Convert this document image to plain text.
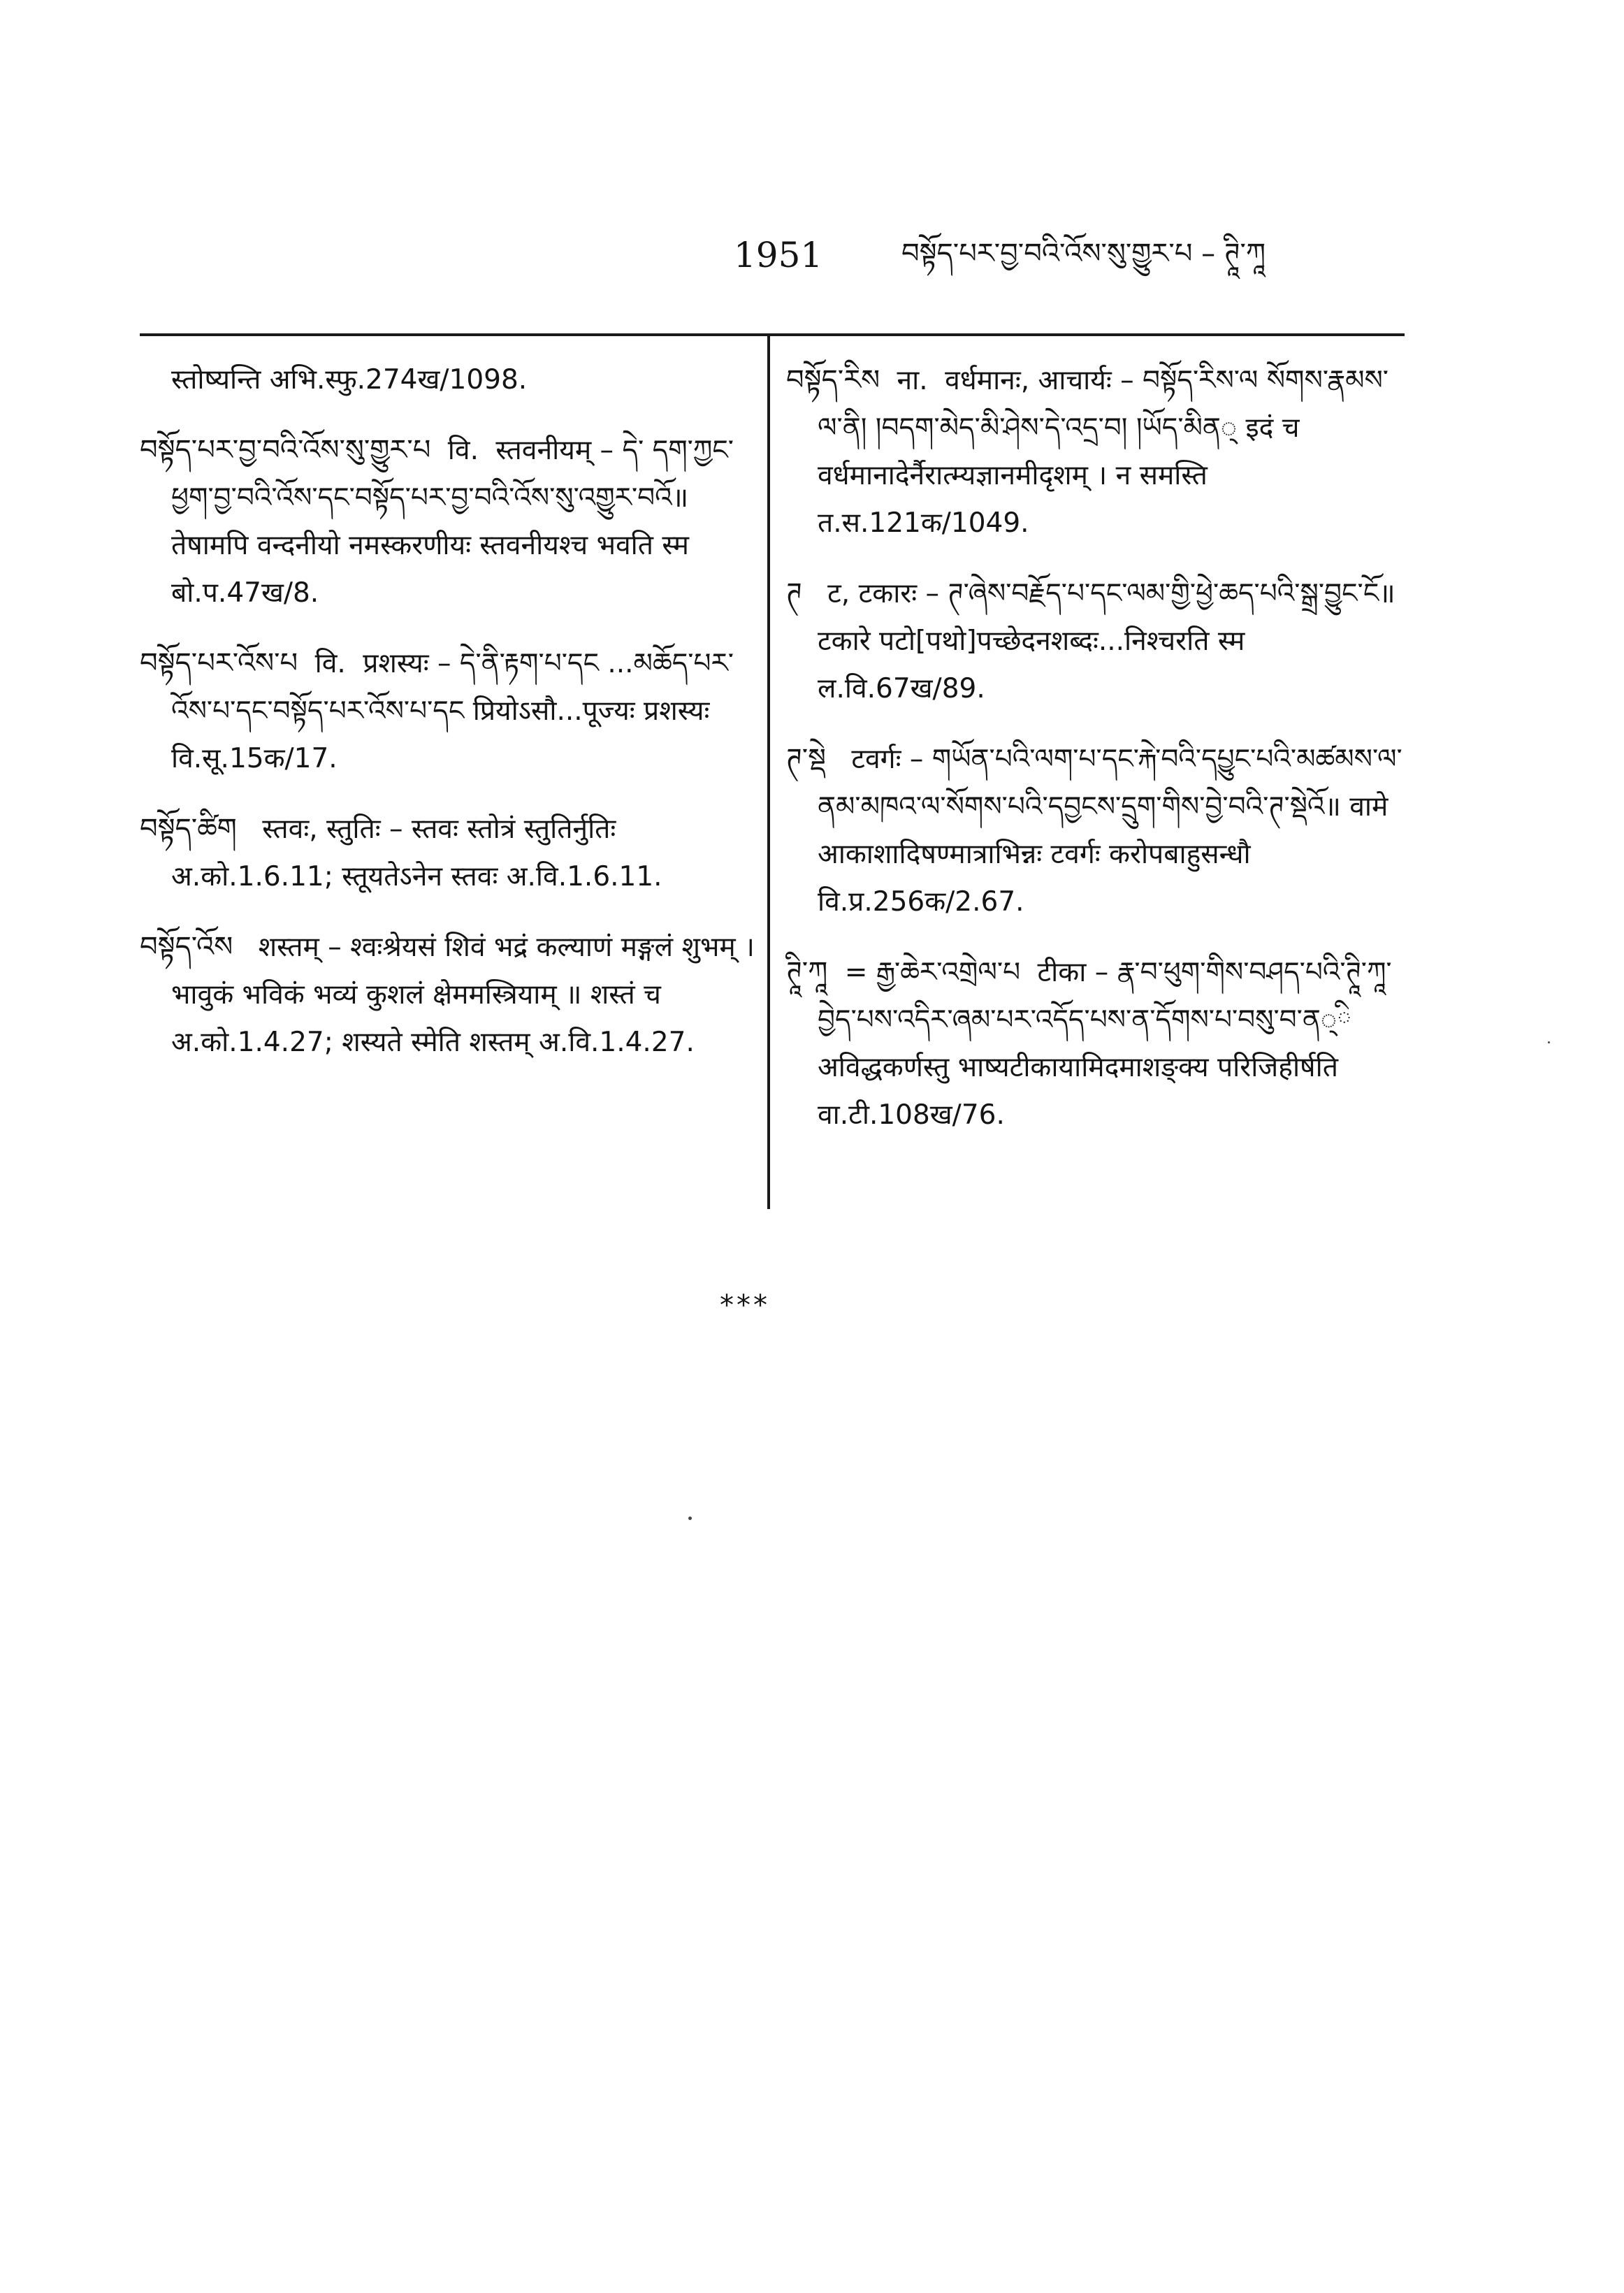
1951	བསྟོད་པར་བྱ་བའི་འོས་སུ་གྱུར་པ – ཊཱི་ཀཱ
स्तोष्यन्ति अभि.स्फु.274ख/1098.
བསྟོད་པར་བྱ་བའི་འོས་སུ་གྱུར་པ वि. स्तवनीयम् – དེ་ དག་ཀྱང་ཕྱག་བྱ་བའི་འོས་དང་བསྟོད་པར་བྱ་བའི་འོས་སུ་འགྱུར་བའོ॥ तेषामपि वन्दनीयो नमस्करणीयः स्तवनीयश्च भवति स्म बो.प.47ख/8.
བསྟོད་པར་འོས་པ वि. प्रशस्यः – དེ་ནི་རྟག་པ་དང ...མཆོད་པར་འོས་པ་དང་བསྟོད་པར་འོས་པ་དང प्रियोऽसौ...पूज्यः प्रशस्यः वि.सू.15क/17.
བསྟོད་ཚིག स्तवः, स्तुतिः – स्तवः स्तोत्रं स्तुतिर्नुतिः अ.को.1.6.11; स्तूयतेऽनेन स्तवः अ.वि.1.6.11.
བསྟོད་འོས शस्तम् – श्वःश्रेयसं शिवं भद्रं कल्याणं मङ्गलं शुभम् । भावुकं भविकं भव्यं कुशलं क्षेममस्त्रियाम् ॥ शस्तं च अ.को.1.4.27; शस्यते स्मेति शस्तम् अ.वि.1.4.27.
བསྟོད་རིས ना. वर्धमानः, आचार्यः – བསྟོད་རིས་ལ སོགས་རྣམས་ལ་ནི། །བདག་མེད་མི་ཤེས་དེ་འདྲ་བ། །ཡོད་མིན् इदं च वर्धमानादेर्नैरात्म्यज्ञानमीदृशम् । न समस्ति त.स.121क/1049.
ཊ ट, टकारः – ཊ་ཞེས་བརྗོད་པ་དང་ལམ་གྱི་ཕྱེ་ཆད་པའི་སྒྲ་བྱུང་ངོ॥ टकारे पटो[पथो]पच्छेदनशब्दः...निश्चरति स्म ल.वि.67ख/89.
ཊ་སྡེ टवर्गः – གཡོན་པའི་ལག་པ་དང་རྐེ་བའི་དཔྱུང་པའི་མཚམས་ལ་ནམ་མཁའ་ལ་སོགས་པའི་དབྱངས་དྲུག་གིས་བྱེ་བའི་ཊ་སྡེའོ॥ वामे आकाशादिषण्मात्राभिन्नः टवर्गः करोपबाहुसन्धौ वि.प्र.256क/2.67.
ཊཱི་ཀཱ = རྒྱ་ཆེར་འགྲེལ་པ टीका – རྣ་བ་ཕུག་གིས་བཤད་པའི་ཊཱི་ཀཱ་བྱེད་པས་འདིར་ཞམ་པར་འདོད་པས་ན་དོགས་པ་བསུ་བ་ན्ི अविद्धकर्णस्तु भाष्यटीकायामिदमाशङ्क्य परिजिहीर्षति वा.टी.108ख/76.
***
